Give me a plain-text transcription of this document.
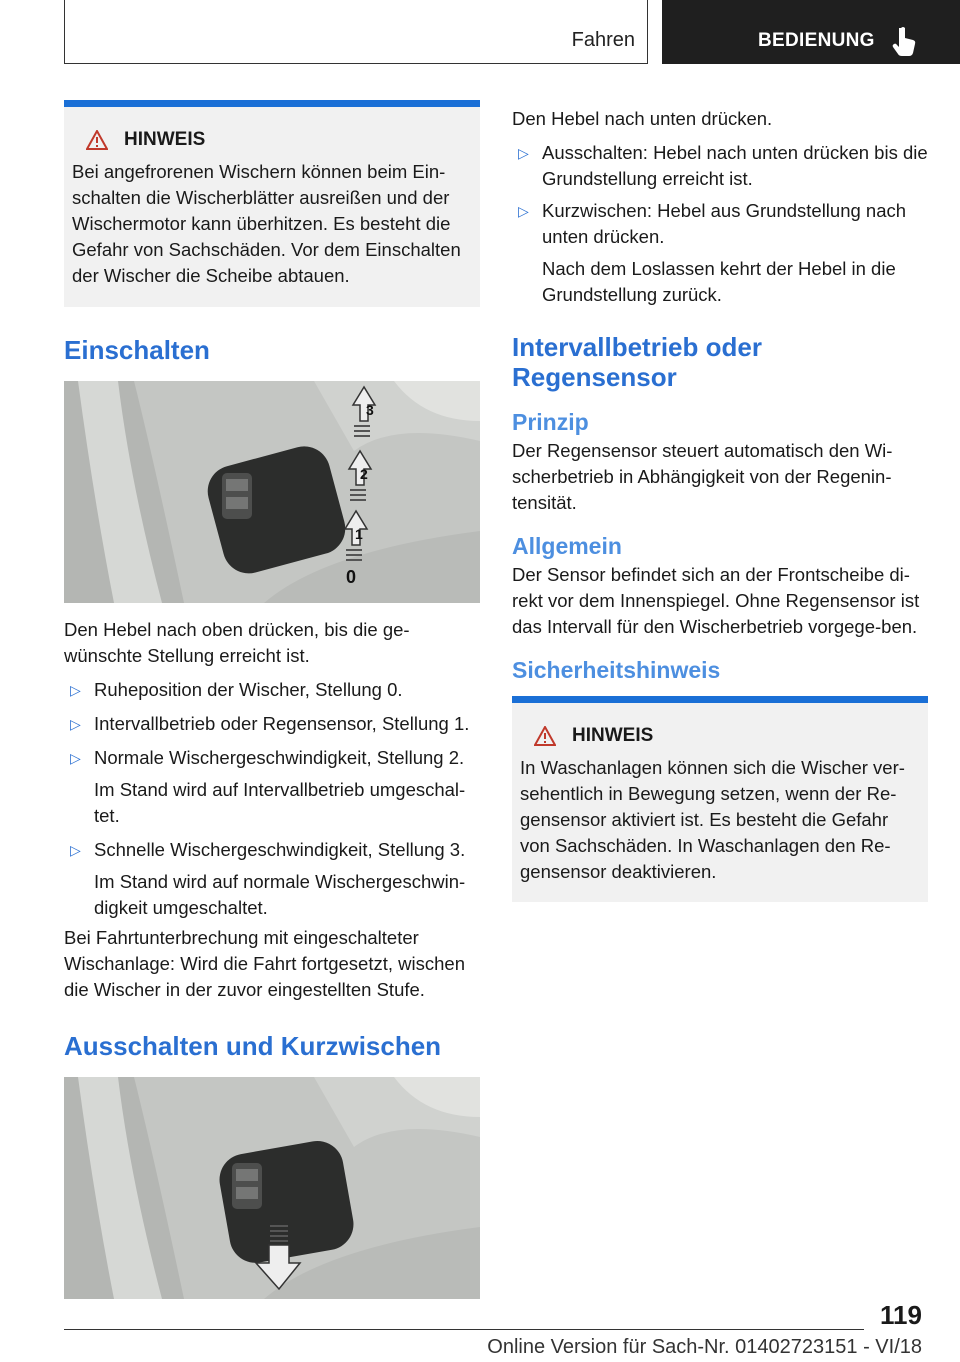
Fahren	BEDIENUNG
HINWEIS

Bei angefrorenen Wischern können beim Ein-schalten die Wischerblätter ausreißen und der Wischermotor kann überhitzen. Es besteht die Gefahr von Sachschäden. Vor dem Einschalten der Wischer die Scheibe abtauen.

Einschalten
3
2
1
0

Den Hebel nach oben drücken, bis die ge-wünschte Stellung erreicht ist.

▷ Ruheposition der Wischer, Stellung 0.
▷ Intervallbetrieb oder Regensensor, Stellung 1.
▷ Normale Wischergeschwindigkeit, Stellung 2.

Im Stand wird auf Intervallbetrieb umgeschal-tet.

▷ Schnelle Wischergeschwindigkeit, Stellung 3.

Im Stand wird auf normale Wischergeschwin-digkeit umgeschaltet.

Bei Fahrtunterbrechung mit eingeschalteter Wischanlage: Wird die Fahrt fortgesetzt, wischen die Wischer in der zuvor eingestellten Stufe.

Ausschalten und Kurzwischen

Den Hebel nach unten drücken.

▷ Ausschalten: Hebel nach unten drücken bis die Grundstellung erreicht ist.
▷ Kurzwischen: Hebel aus Grundstellung nach unten drücken.

Nach dem Loslassen kehrt der Hebel in die Grundstellung zurück.

Intervallbetrieb oder Regensensor
Prinzip

Der Regensensor steuert automatisch den Wi-scherbetrieb in Abhängigkeit von der Regenin-tensität.

Allgemein

Der Sensor befindet sich an der Frontscheibe di-rekt vor dem Innenspiegel. Ohne Regensensor ist das Intervall für den Wischerbetrieb vorgege-ben.

Sicherheitshinweis
HINWEIS

In Waschanlagen können sich die Wischer ver-sehentlich in Bewegung setzen, wenn der Re-gensensor aktiviert ist. Es besteht die Gefahr von Sachschäden. In Waschanlagen den Re-gensensor deaktivieren.

119
Online Version für Sach-Nr. 01402723151 - VI/18
